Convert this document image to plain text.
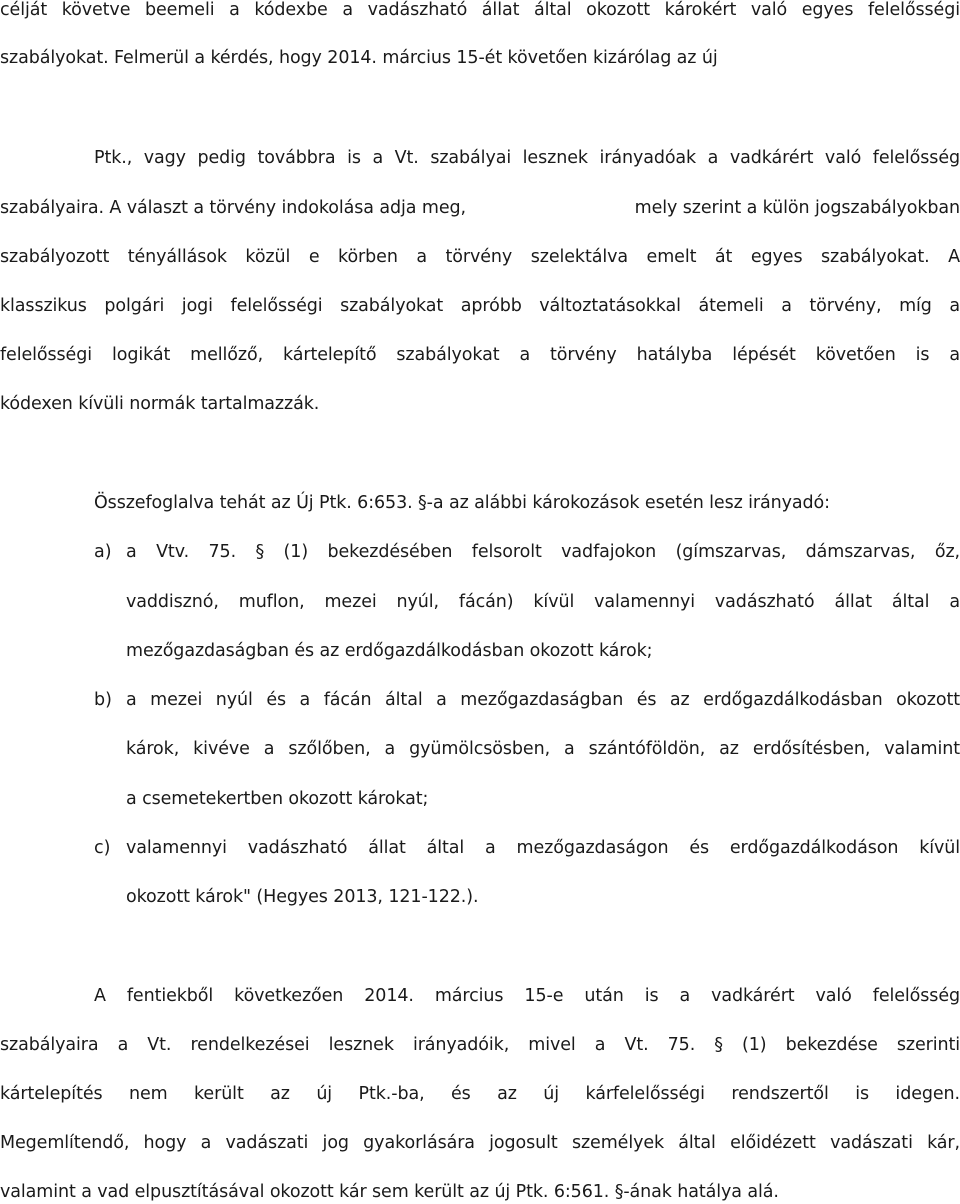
célját követve beemeli a kódexbe a vadászható állat által okozott károkért való egyes felelősségi
szabályokat. Felmerül a kérdés, hogy 2014. március 15-ét követően kizárólag az új
Ptk., vagy pedig továbbra is a Vt. szabályai lesznek irányadóak a vadkárért való felelősség
szabályaira. A választ a törvény indokolása adja meg,	mely szerint a külön jogszabályokban
szabályozott tényállások közül e körben a törvény szelektálva emelt át egyes szabályokat. A
klasszikus polgári jogi felelősségi szabályokat apróbb változtatásokkal átemeli a törvény, míg a
felelősségi logikát mellőző, kártelepítő szabályokat a törvény hatályba lépését követően is a
kódexen kívüli normák tartalmazzák.
Összefoglalva tehát az Új Ptk. 6:653. §-a az alábbi károkozások esetén lesz irányadó:
a) a Vtv. 75. § (1) bekezdésében felsorolt vadfajokon (gímszarvas, dámszarvas, őz,
vaddisznó, muflon, mezei nyúl, fácán) kívül valamennyi vadászható állat által a
mezőgazdaságban és az erdőgazdálkodásban okozott károk;
b) a mezei nyúl és a fácán által a mezőgazdaságban és az erdőgazdálkodásban okozott
károk, kivéve a szőlőben, a gyümölcsösben, a szántóföldön, az erdősítésben, valamint
a csemetekertben okozott károkat;
c) valamennyi vadászható állat által a mezőgazdaságon és erdőgazdálkodáson kívül
okozott károk" (Hegyes 2013, 121-122.).
A fentiekből következően 2014. március 15-e után is a vadkárért való felelősség
szabályaira a Vt. rendelkezései lesznek irányadóik, mivel a Vt. 75. § (1) bekezdése szerinti
kártelepítés nem került az új Ptk.-ba, és az új kárfelelősségi rendszertől is idegen.
Megemlítendő, hogy a vadászati jog gyakorlására jogosult személyek által előidézett vadászati kár,
valamint a vad elpusztításával okozott kár sem került az új Ptk. 6:561. §-ának hatálya alá.
